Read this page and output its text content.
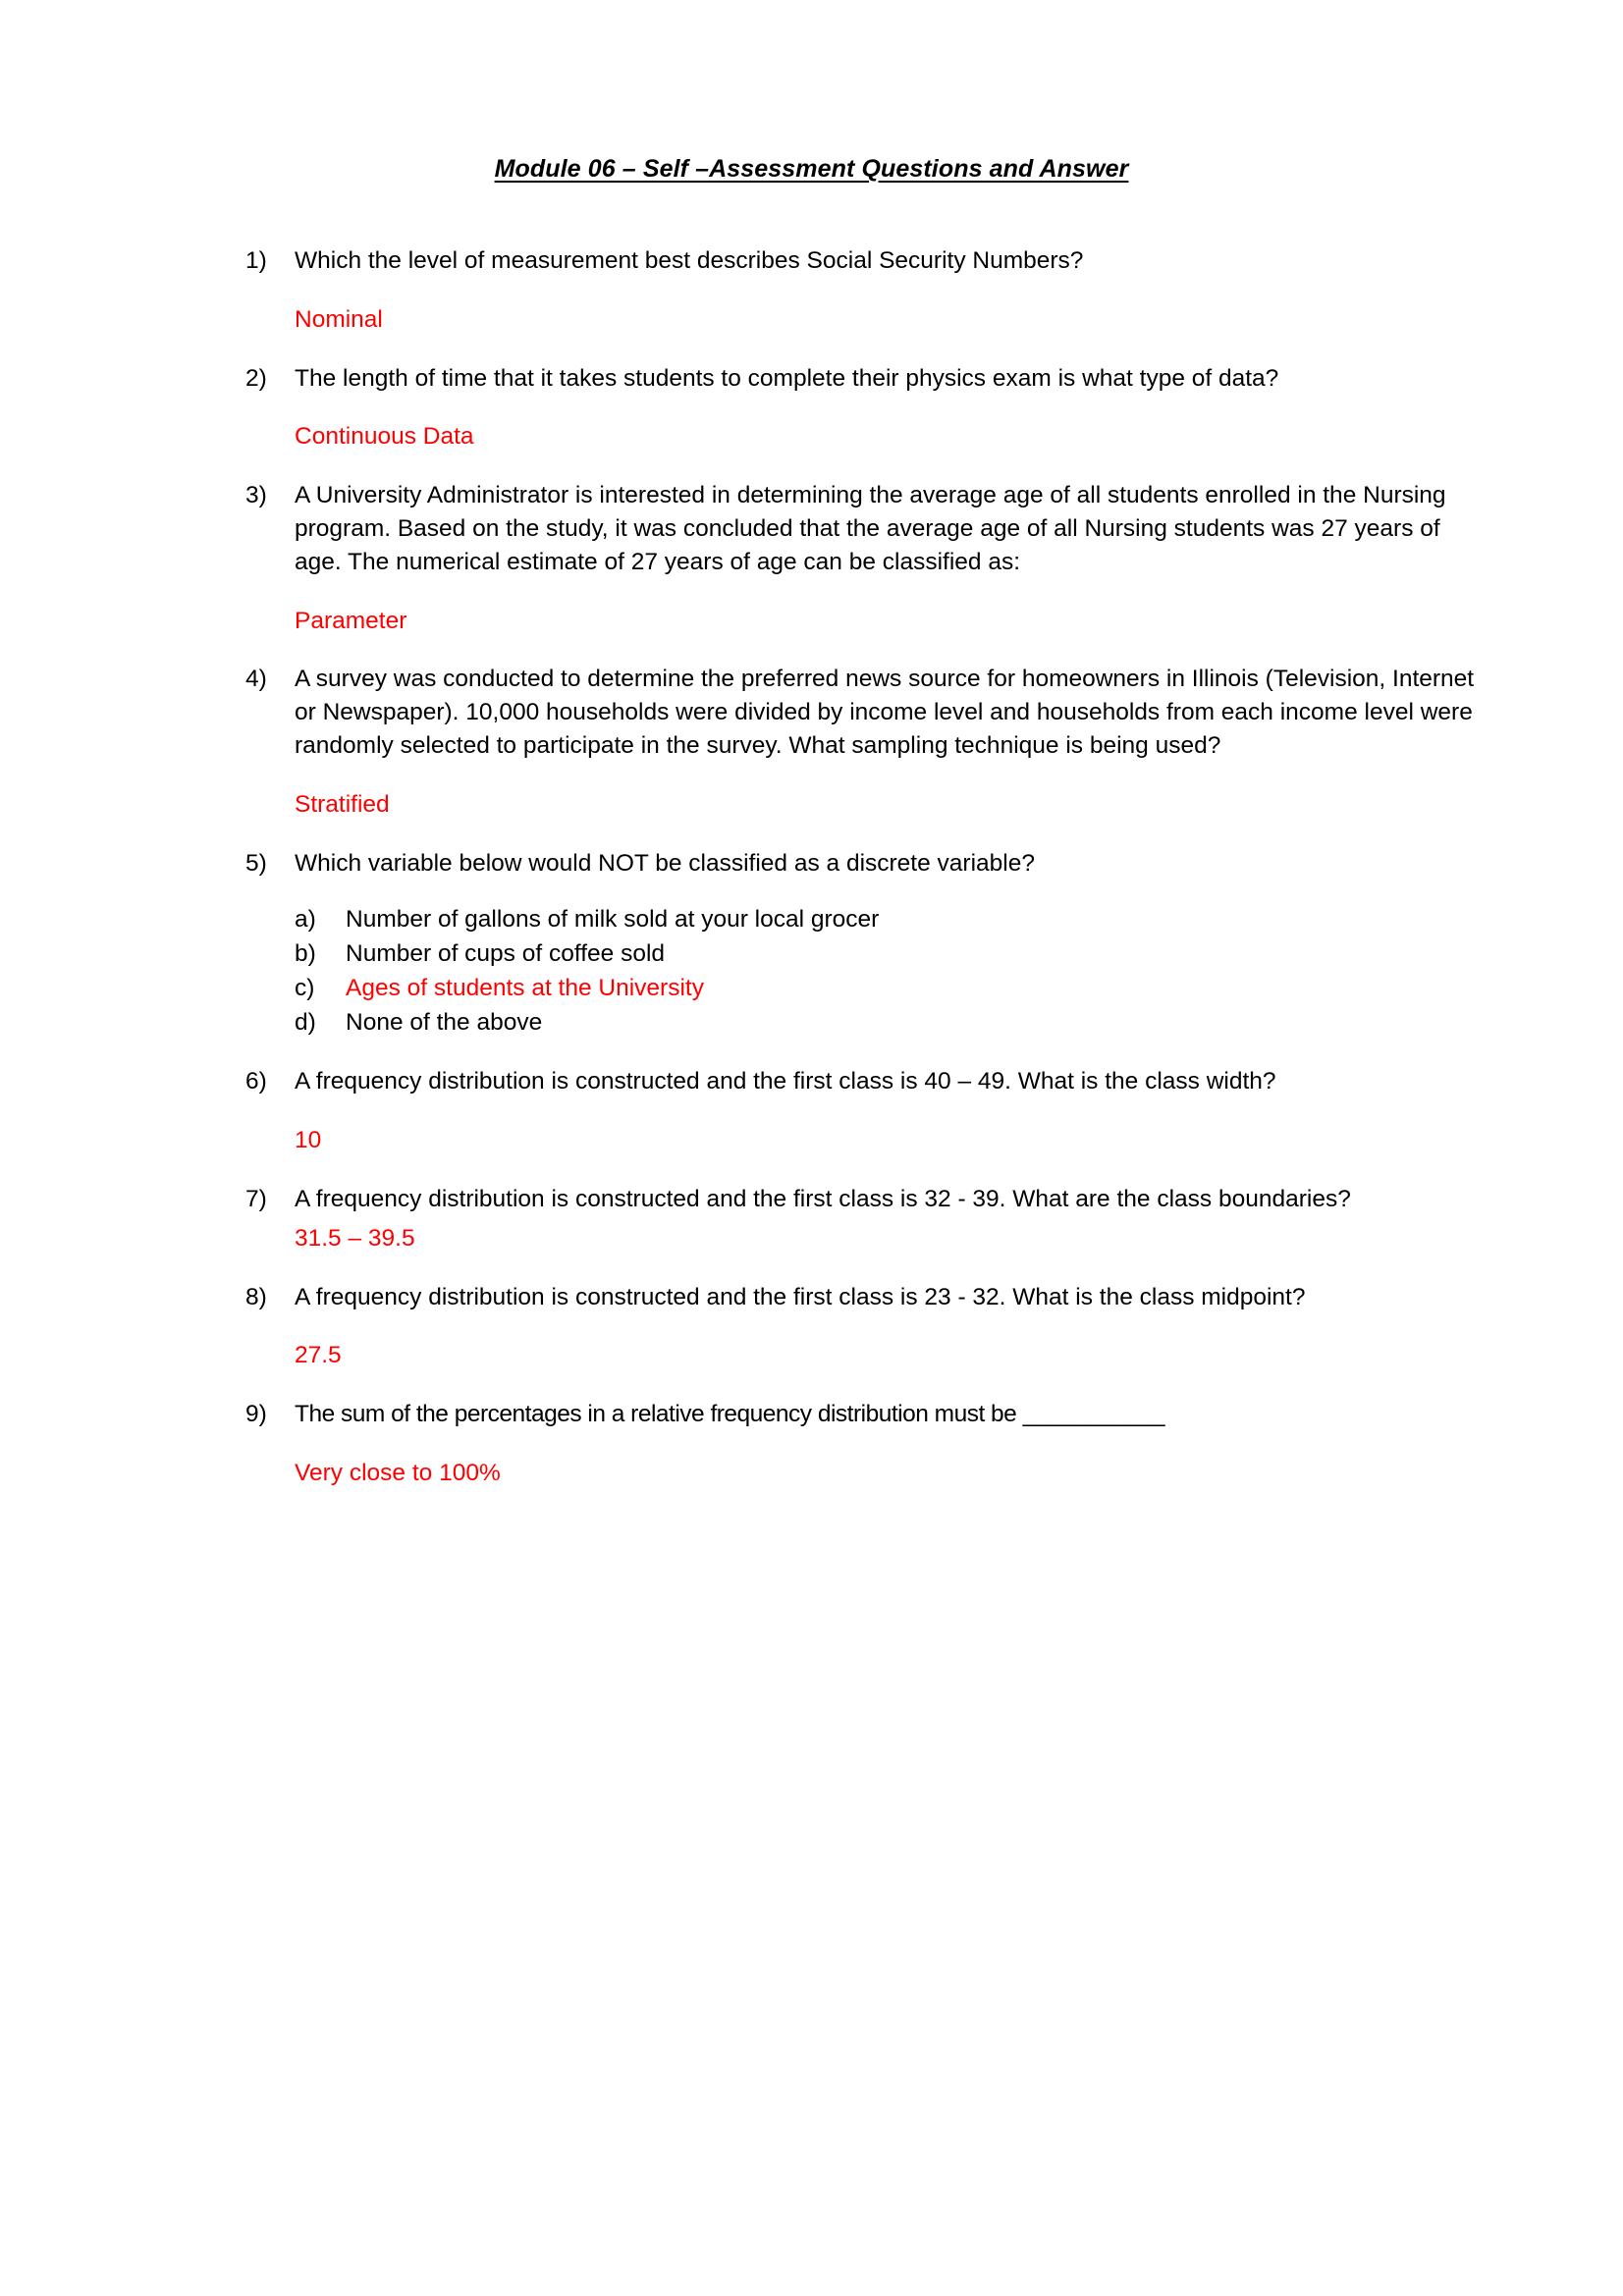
Module 06 – Self –Assessment Questions and Answer
1)	Which the level of measurement best describes Social Security Numbers?
Nominal
2)	The length of time that it takes students to complete their physics exam is what type of data?
Continuous Data
3)	A University Administrator is interested in determining the average age of all students enrolled in the Nursing program. Based on the study, it was concluded that the average age of all Nursing students was 27 years of age. The numerical estimate of 27 years of age can be classified as:
Parameter
4)	A survey was conducted to determine the preferred news source for homeowners in Illinois (Television, Internet or Newspaper). 10,000 households were divided by income level and households from each income level were randomly selected to participate in the survey. What sampling technique is being used?
Stratified
5)	Which variable below would NOT be classified as a discrete variable?
a)	Number of gallons of milk sold at your local grocer
b)	Number of cups of coffee sold
c)	Ages of students at the University
d)	None of the above
6)	A frequency distribution is constructed and the first class is 40 – 49. What is the class width?
10
7)	A frequency distribution is constructed and the first class is 32 - 39. What are the class boundaries?
31.5 – 39.5
8)	A frequency distribution is constructed and the first class is 23 - 32. What is the class midpoint?
27.5
9)	The sum of the percentages in a relative frequency distribution must be ___________
Very close to 100%
